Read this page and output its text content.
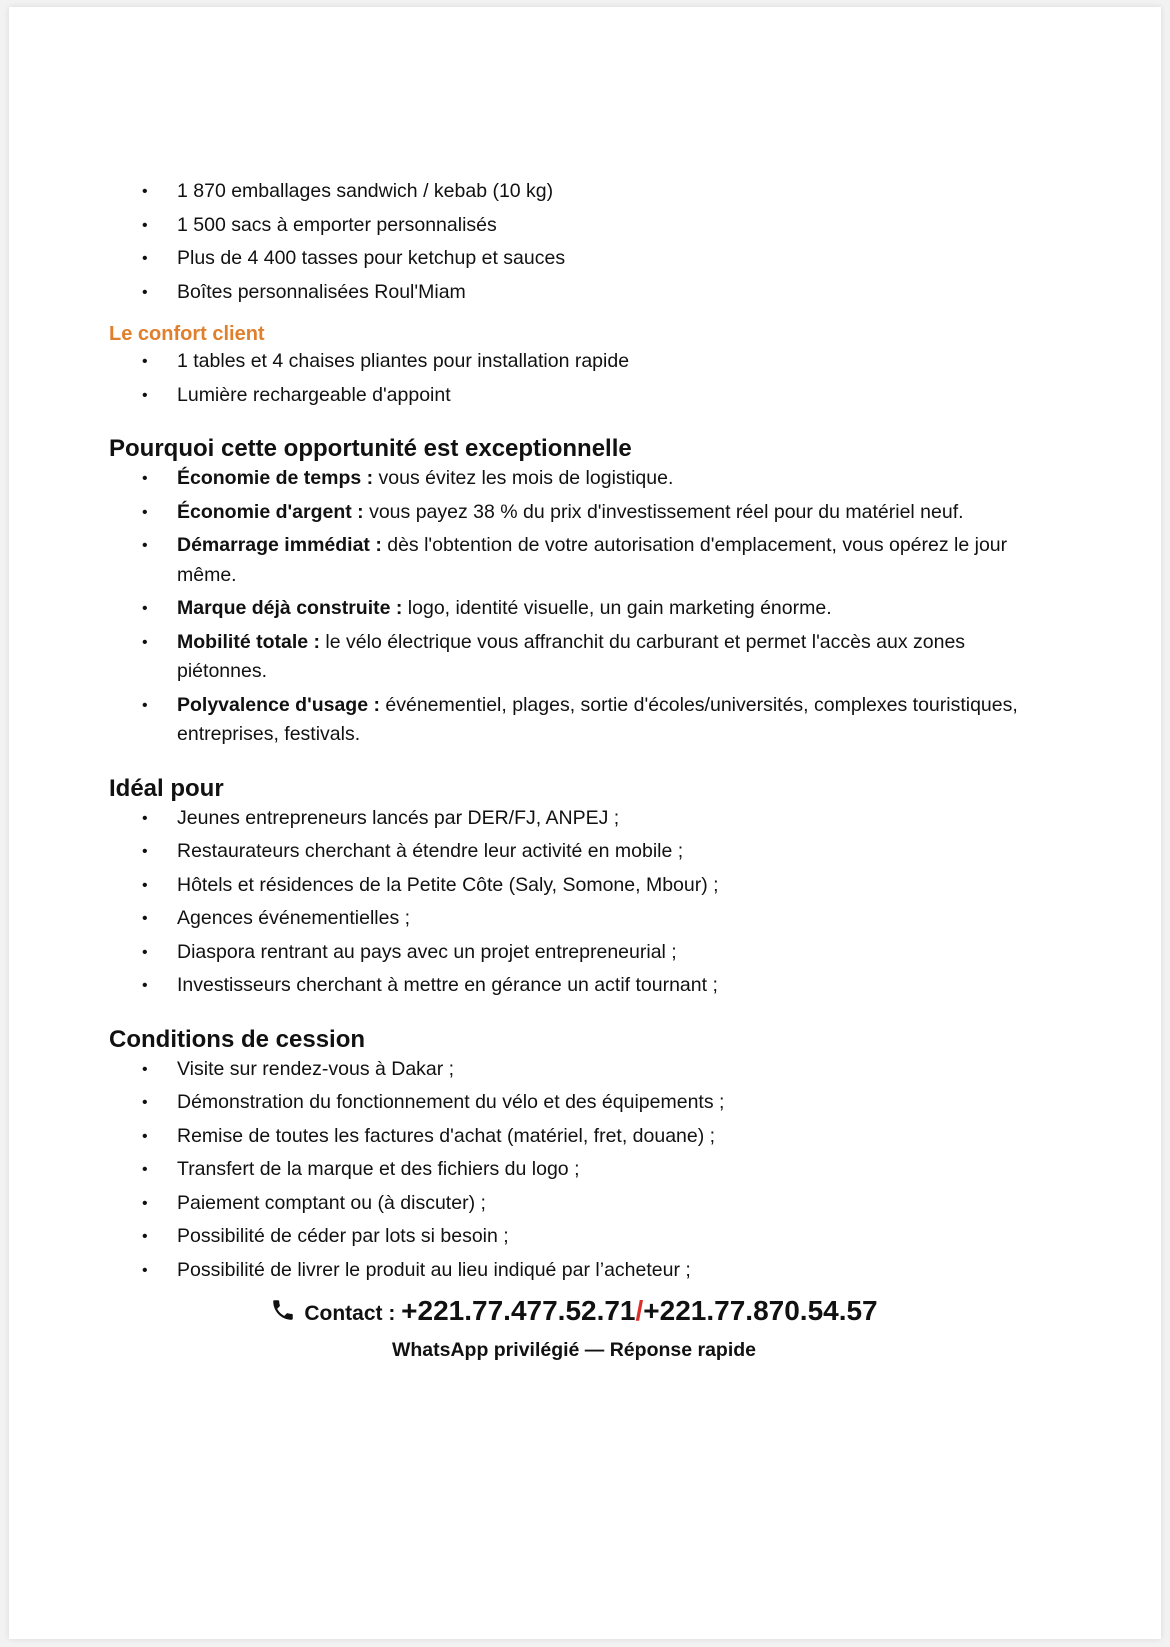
• 1 870 emballages sandwich / kebab (10 kg)
• 1 500 sacs à emporter personnalisés
• Plus de 4 400 tasses pour ketchup et sauces
• Boîtes personnalisées Roul'Miam
Le confort client
• 1 tables et 4 chaises pliantes pour installation rapide
• Lumière rechargeable d'appoint
Pourquoi cette opportunité est exceptionnelle
• Économie de temps : vous évitez les mois de logistique.
• Économie d'argent : vous payez 38 % du prix d'investissement réel pour du matériel neuf.
• Démarrage immédiat : dès l'obtention de votre autorisation d'emplacement, vous opérez le jour même.
• Marque déjà construite : logo, identité visuelle, un gain marketing énorme.
• Mobilité totale : le vélo électrique vous affranchit du carburant et permet l'accès aux zones piétonnes.
• Polyvalence d'usage : événementiel, plages, sortie d'écoles/universités, complexes touristiques, entreprises, festivals.
Idéal pour
• Jeunes entrepreneurs lancés par DER/FJ, ANPEJ ;
• Restaurateurs cherchant à étendre leur activité en mobile ;
• Hôtels et résidences de la Petite Côte (Saly, Somone, Mbour) ;
• Agences événementielles ;
• Diaspora rentrant au pays avec un projet entrepreneurial ;
• Investisseurs cherchant à mettre en gérance un actif tournant ;
Conditions de cession
• Visite sur rendez-vous à Dakar ;
• Démonstration du fonctionnement du vélo et des équipements ;
• Remise de toutes les factures d'achat (matériel, fret, douane) ;
• Transfert de la marque et des fichiers du logo ;
• Paiement comptant ou (à discuter) ;
• Possibilité de céder par lots si besoin ;
• Possibilité de livrer le produit au lieu indiqué par l’acheteur ;
Contact : +221.77.477.52.71/+221.77.870.54.57
WhatsApp privilégié — Réponse rapide
